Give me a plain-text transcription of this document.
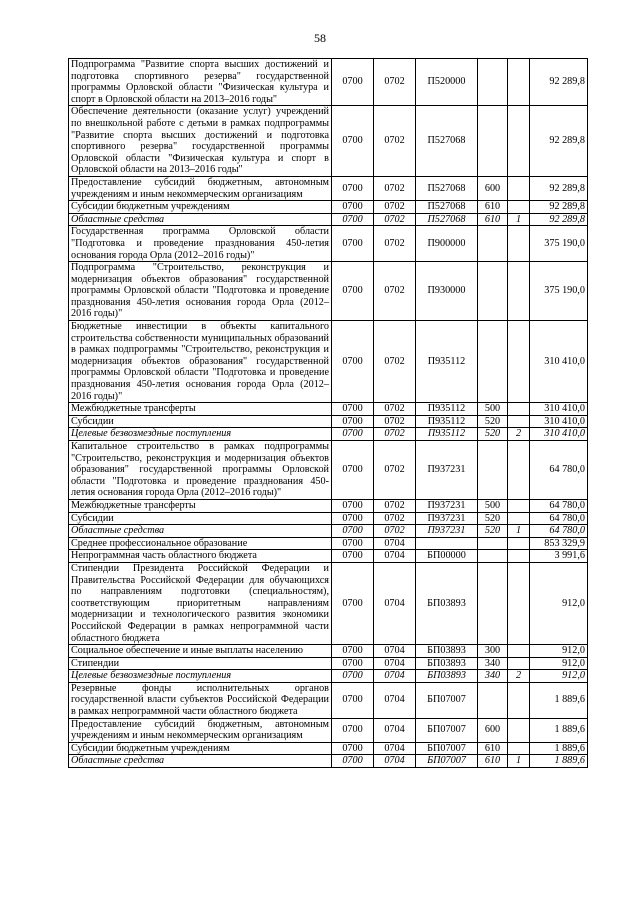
58
Подпрограмма "Развитие спорта высших достижений и подготовка спортивного резерва" государственной программы Орловской области "Физическая культура и спорт в Орловской области на 2013–2016 годы"	0700	0702	П520000			92 289,8
Обеспечение деятельности (оказание услуг) учреждений по внешкольной работе с детьми в рамках подпрограммы "Развитие спорта высших достижений и подготовка спортивного резерва" государственной программы Орловской области "Физическая культура и спорт в Орловской области на 2013–2016 годы"	0700	0702	П527068			92 289,8
Предоставление субсидий бюджетным, автономным учреждениям и иным некоммерческим организациям	0700	0702	П527068	600		92 289,8
Субсидии бюджетным учреждениям	0700	0702	П527068	610		92 289,8
Областные средства	0700	0702	П527068	610	1	92 289,8
Государственная программа Орловской области "Подготовка и проведение празднования 450-летия основания города Орла (2012–2016 годы)"	0700	0702	П900000			375 190,0
Подпрограмма "Строительство, реконструкция и модернизация объектов образования" государственной программы Орловской области "Подготовка и проведение празднования 450-летия основания города Орла (2012–2016 годы)"	0700	0702	П930000			375 190,0
Бюджетные инвестиции в объекты капитального строительства собственности муниципальных образований в рамках подпрограммы "Строительство, реконструкция и модернизация объектов образования" государственной программы Орловской области "Подготовка и проведение празднования 450-летия основания города Орла (2012–2016 годы)"	0700	0702	П935112			310 410,0
Межбюджетные трансферты	0700	0702	П935112	500		310 410,0
Субсидии	0700	0702	П935112	520		310 410,0
Целевые безвозмездные поступления	0700	0702	П935112	520	2	310 410,0
Капитальное строительство в рамках подпрограммы "Строительство, реконструкция и модернизация объектов образования" государственной программы Орловской области "Подготовка и проведение празднования 450-летия основания города Орла (2012–2016 годы)"	0700	0702	П937231			64 780,0
Межбюджетные трансферты	0700	0702	П937231	500		64 780,0
Субсидии	0700	0702	П937231	520		64 780,0
Областные средства	0700	0702	П937231	520	1	64 780,0
Среднее профессиональное образование	0700	0704				853 329,9
Непрограммная часть областного бюджета	0700	0704	БП00000			3 991,6
Стипендии Президента Российской Федерации и Правительства Российской Федерации для обучающихся по направлениям подготовки (специальностям), соответствующим приоритетным направлениям модернизации и технологического развития экономики Российской Федерации в рамках непрограммной части областного бюджета	0700	0704	БП03893			912,0
Социальное обеспечение и иные выплаты населению	0700	0704	БП03893	300		912,0
Стипендии	0700	0704	БП03893	340		912,0
Целевые безвозмездные поступления	0700	0704	БП03893	340	2	912,0
Резервные фонды исполнительных органов государственной власти субъектов Российской Федерации в рамках непрограммной части областного бюджета	0700	0704	БП07007			1 889,6
Предоставление субсидий бюджетным, автономным учреждениям и иным некоммерческим организациям	0700	0704	БП07007	600		1 889,6
Субсидии бюджетным учреждениям	0700	0704	БП07007	610		1 889,6
Областные средства	0700	0704	БП07007	610	1	1 889,6
